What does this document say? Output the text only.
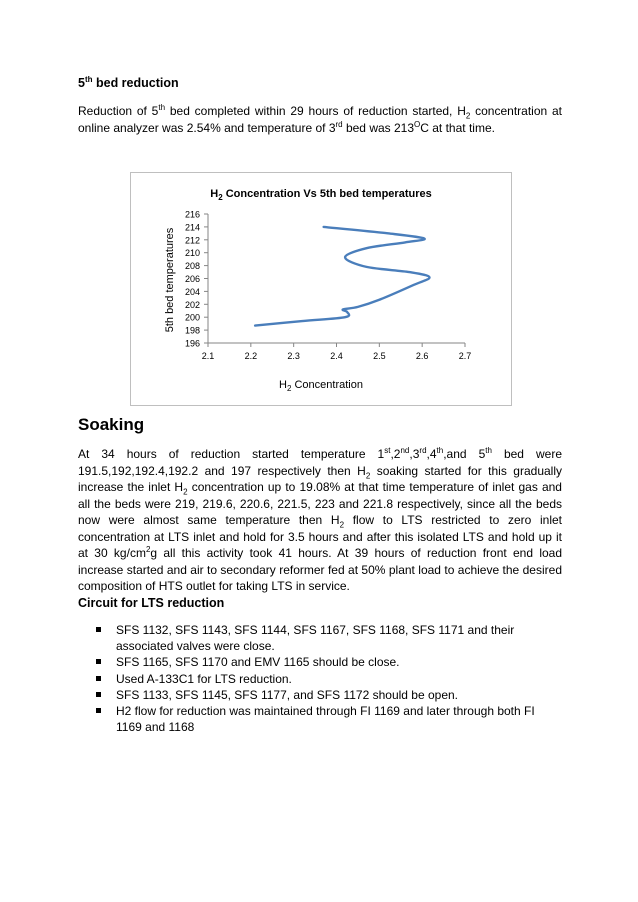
5th bed reduction

Reduction of 5th bed completed within 29 hours of reduction started, $H_2$ concentration at online analyzer was 2.54% and temperature of 3rd bed was $213^OC$ at that time.

$H_2$ Concentration Vs 5th bed temperatures
$H_2$ Concentration
5th bed temperatures
196
198
200
202
204
206
208
210
212
214
216
2.1	2.2	2.3	2.4	2.5	2.6	2.7
Soaking

At 34 hours of reduction started temperature 1st,2nd,3rd,4th,and 5th bed were 191.5,192,192.4,192.2 and 197 respectively then $H_2$ soaking started for this gradually increase the inlet $H_2$ concentration up to 19.08% at that time temperature of inlet gas and all the beds were 219, 219.6, 220.6, 221.5, 223 and 221.8 respectively, since all the beds now were almost same temperature then $H_2$ flow to LTS restricted to zero inlet concentration at LTS inlet and hold for 3.5 hours and after this isolated LTS and hold up it at 30 $kg/cm^2g$ all this activity took 41 hours. At 39 hours of reduction front end load increase started and air to secondary reformer fed at 50% plant load to achieve the desired composition of HTS outlet for taking LTS in service.

Circuit for LTS reduction
SFS 1132, SFS 1143, SFS 1144, SFS 1167, SFS 1168, SFS 1171 and their associated valves were close.
SFS 1165, SFS 1170 and EMV 1165 should be close.
Used A-133C1 for LTS reduction.
SFS 1133, SFS 1145, SFS 1177, and SFS 1172 should be open.
H2 flow for reduction was maintained through FI 1169 and later through both FI 1169 and 1168
